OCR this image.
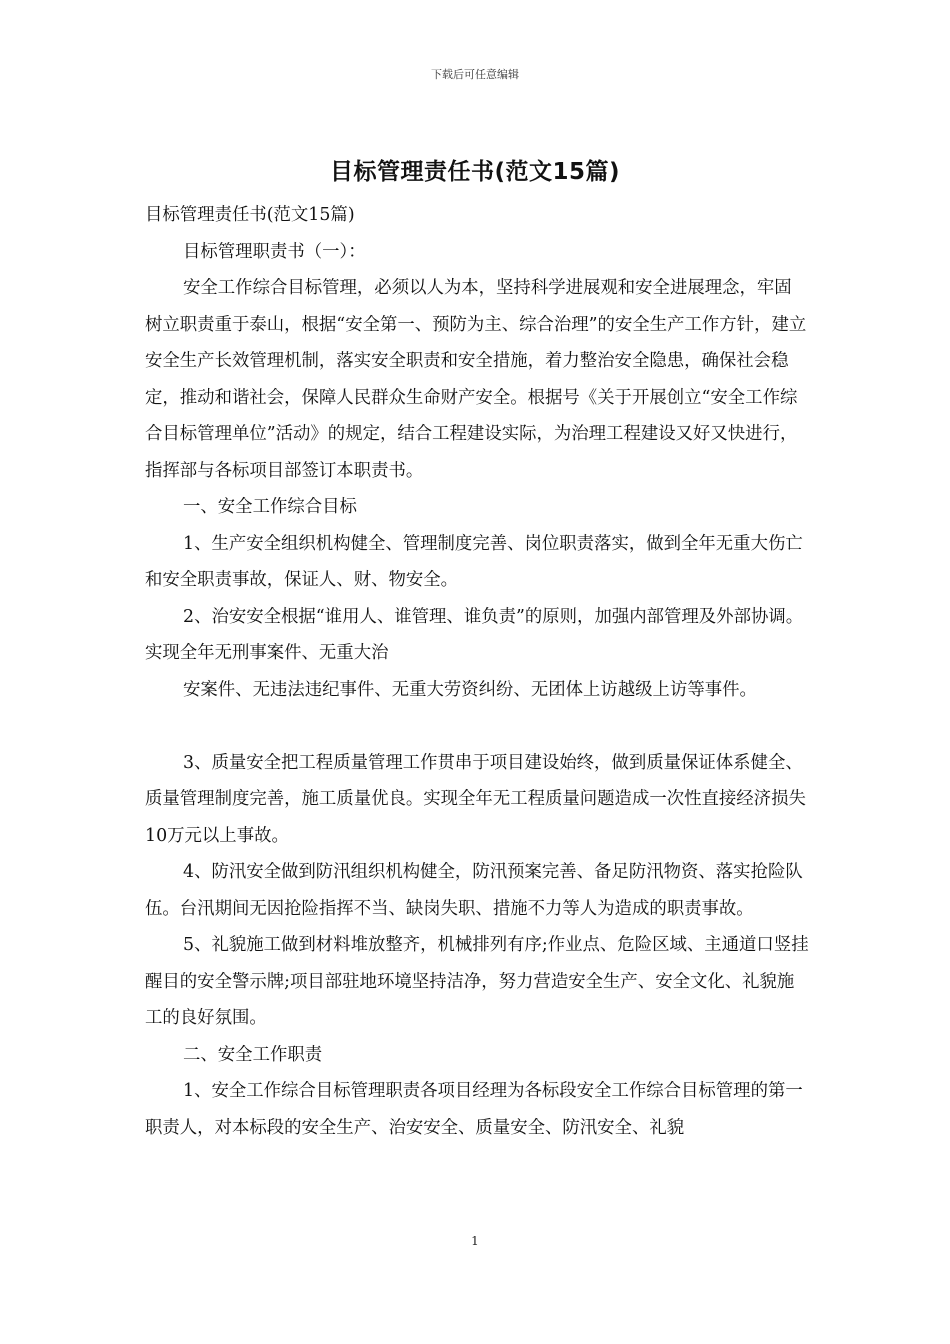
下载后可任意编辑
目标管理责任书(范文15篇)

目标管理责任书(范文15篇)

目标管理职责书（一）：

安全工作综合目标管理，必须以人为本，坚持科学进展观和安全进展理念，牢固树立职责重于泰山，根据“安全第一、预防为主、综合治理”的安全生产工作方针，建立安全生产长效管理机制，落实安全职责和安全措施，着力整治安全隐患，确保社会稳定，推动和谐社会，保障人民群众生命财产安全。根据号《关于开展创立“安全工作综合目标管理单位”活动》的规定，结合工程建设实际，为治理工程建设又好又快进行，指挥部与各标项目部签订本职责书。

一、安全工作综合目标

1、生产安全组织机构健全、管理制度完善、岗位职责落实，做到全年无重大伤亡和安全职责事故，保证人、财、物安全。

2、治安安全根据“谁用人、谁管理、谁负责”的原则，加强内部管理及外部协调。实现全年无刑事案件、无重大治

安案件、无违法违纪事件、无重大劳资纠纷、无团体上访越级上访等事件。

3、质量安全把工程质量管理工作贯串于项目建设始终，做到质量保证体系健全、质量管理制度完善，施工质量优良。实现全年无工程质量问题造成一次性直接经济损失10万元以上事故。

4、防汛安全做到防汛组织机构健全，防汛预案完善、备足防汛物资、落实抢险队伍。台汛期间无因抢险指挥不当、缺岗失职、措施不力等人为造成的职责事故。

5、礼貌施工做到材料堆放整齐，机械排列有序;作业点、危险区域、主通道口竖挂醒目的安全警示牌;项目部驻地环境坚持洁净，努力营造安全生产、安全文化、礼貌施工的良好氛围。

二、安全工作职责

1、安全工作综合目标管理职责各项目经理为各标段安全工作综合目标管理的第一职责人，对本标段的安全生产、治安安全、质量安全、防汛安全、礼貌

1
